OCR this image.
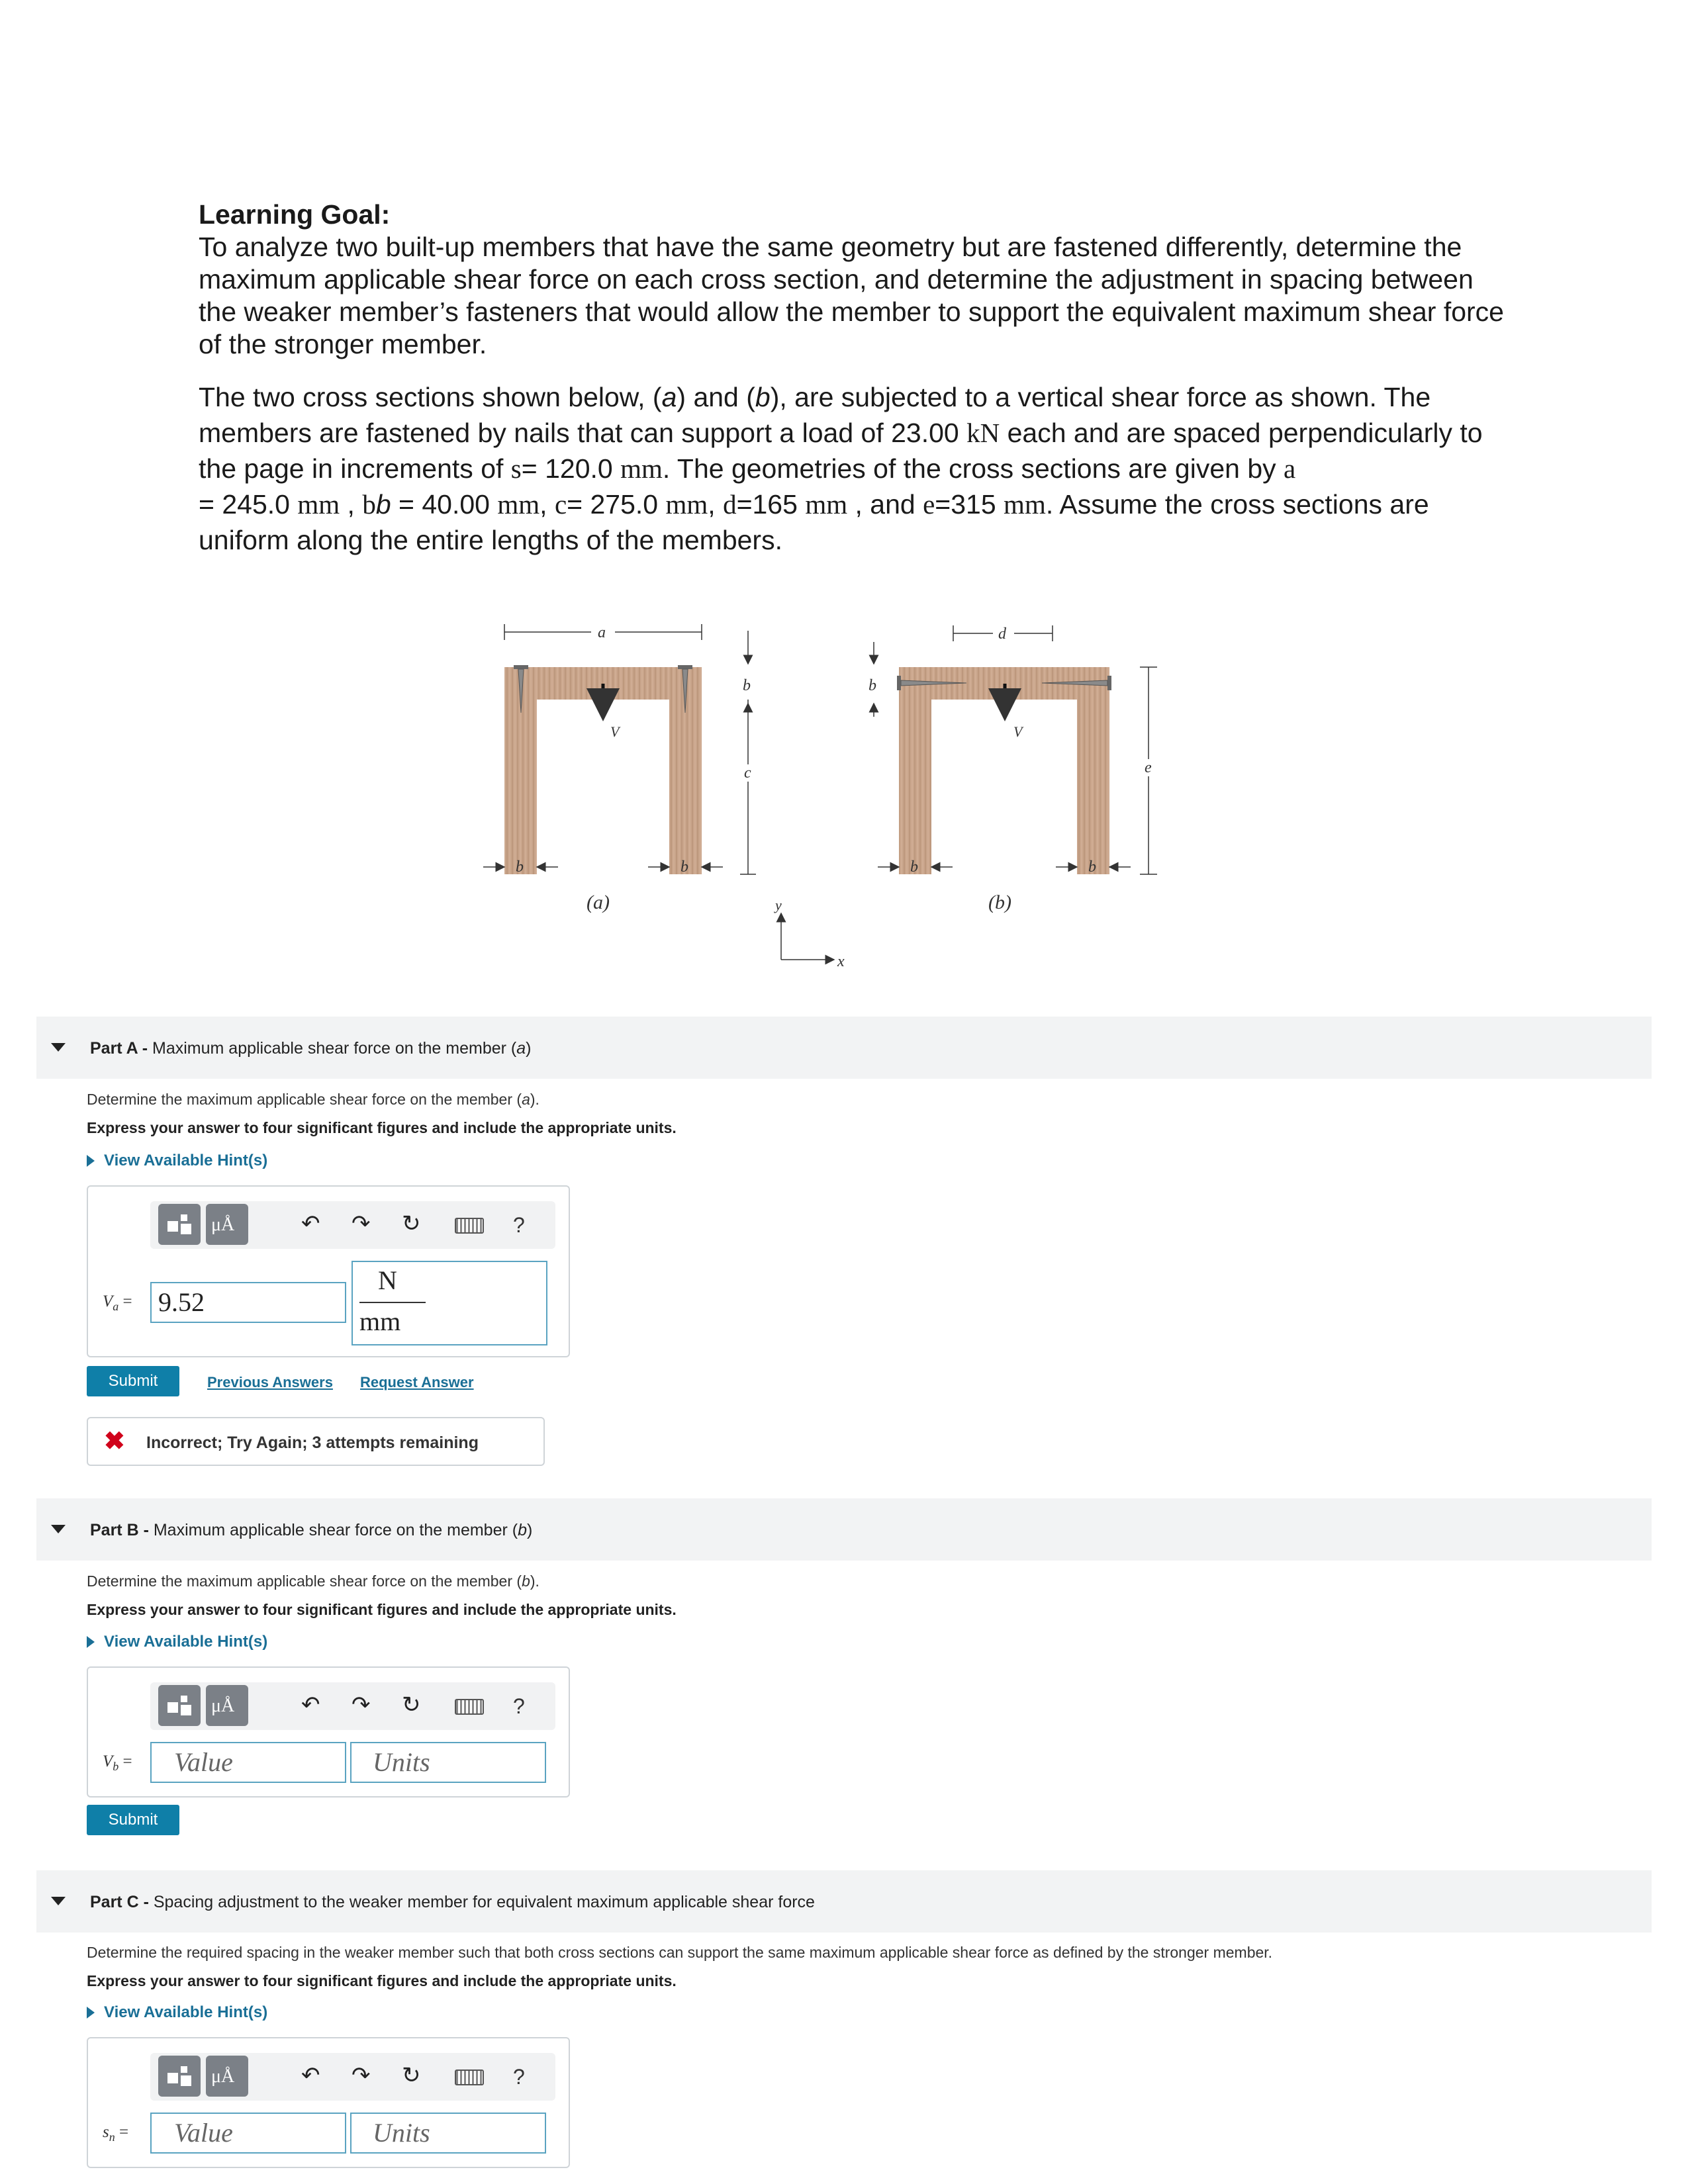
Learning Goal:

To analyze two built-up members that have the same geometry but are fastened differently, determine the maximum applicable shear force on each cross section, and determine the adjustment in spacing between the weaker member’s fasteners that would allow the member to support the equivalent maximum shear force of the stronger member.

The two cross sections shown below, (a) and (b), are subjected to a vertical shear force as shown. The members are fastened by nails that can support a load of 23.00 kN each and are spaced perpendicularly to the page in increments of s= 120.0 mm. The geometries of the cross sections are given by a
= 245.0 mm , bb = 40.00 mm, c= 275.0 mm, d=165 mm , and e=315 mm. Assume the cross sections are uniform along the entire lengths of the members.

V
a
b
c
b	b
(a)	y
x
V
d
b
e
b	b
(b)
Part A - Maximum applicable shear force on the member (a)
Determine the maximum applicable shear force on the member (a).
Express your answer to four significant figures and include the appropriate units.
View Available Hint(s)
μÅ	↶ ↷ ↻	?
$V_a = 9.52$
N
mm
Submit	Previous Answers Request Answer
✖ Incorrect; Try Again; 3 attempts remaining
Part B - Maximum applicable shear force on the member (b)
Determine the maximum applicable shear force on the member (b).
Express your answer to four significant figures and include the appropriate units.
View Available Hint(s)
μÅ	↶ ↷ ↻	?
$V_b$ =	Value	Units
Submit
Part C - Spacing adjustment to the weaker member for equivalent maximum applicable shear force
Determine the required spacing in the weaker member such that both cross sections can support the same maximum applicable shear force as defined by the stronger member.
Express your answer to four significant figures and include the appropriate units.
View Available Hint(s)
μÅ	↶ ↷ ↻	?
$s_n$ =	Value	Units
